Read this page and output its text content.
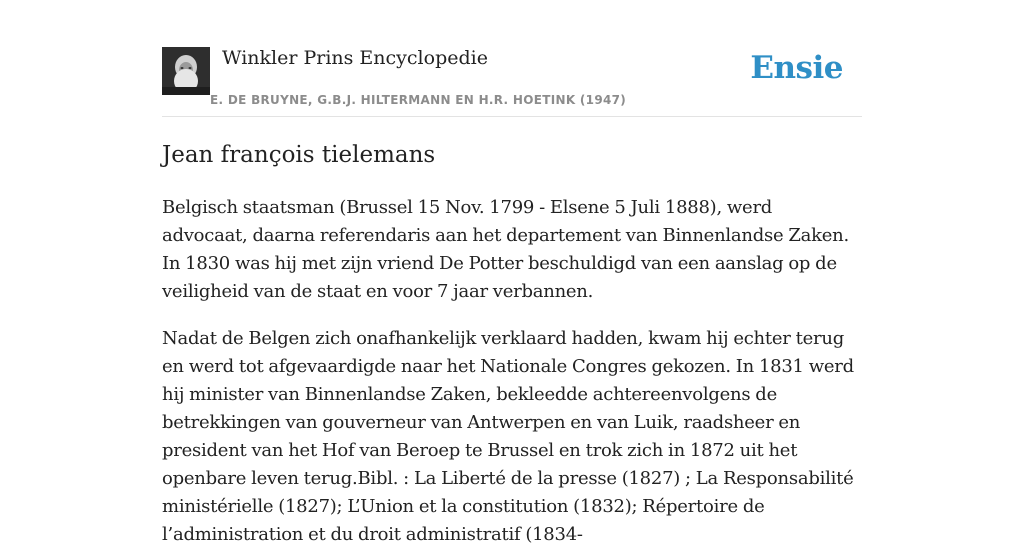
Winkler Prins Encyclopedie
E. DE BRUYNE, G.B.J. HILTERMANN EN H.R. HOETINK (1947)
Ensie
Jean françois tielemans

Belgisch staatsman (Brussel 15 Nov. 1799 - Elsene 5 Juli 1888), werd advocaat, daarna referendaris aan het departement van Binnenlandse Zaken. In 1830 was hij met zijn vriend De Potter beschuldigd van een aanslag op de veiligheid van de staat en voor 7 jaar verbannen.

Nadat de Belgen zich onafhankelijk verklaard hadden, kwam hij echter terug en werd tot afgevaardigde naar het Nationale Congres gekozen. In 1831 werd hij minister van Binnenlandse Zaken, bekleedde achtereenvolgens de betrekkingen van gouverneur van Antwerpen en van Luik, raadsheer en president van het Hof van Beroep te Brussel en trok zich in 1872 uit het openbare leven terug.Bibl. : La Liberté de la presse (1827) ; La Responsabilité ministérielle (1827); L’Union et la constitution (1832); Répertoire de l’administration et du droit administratif (1834-
